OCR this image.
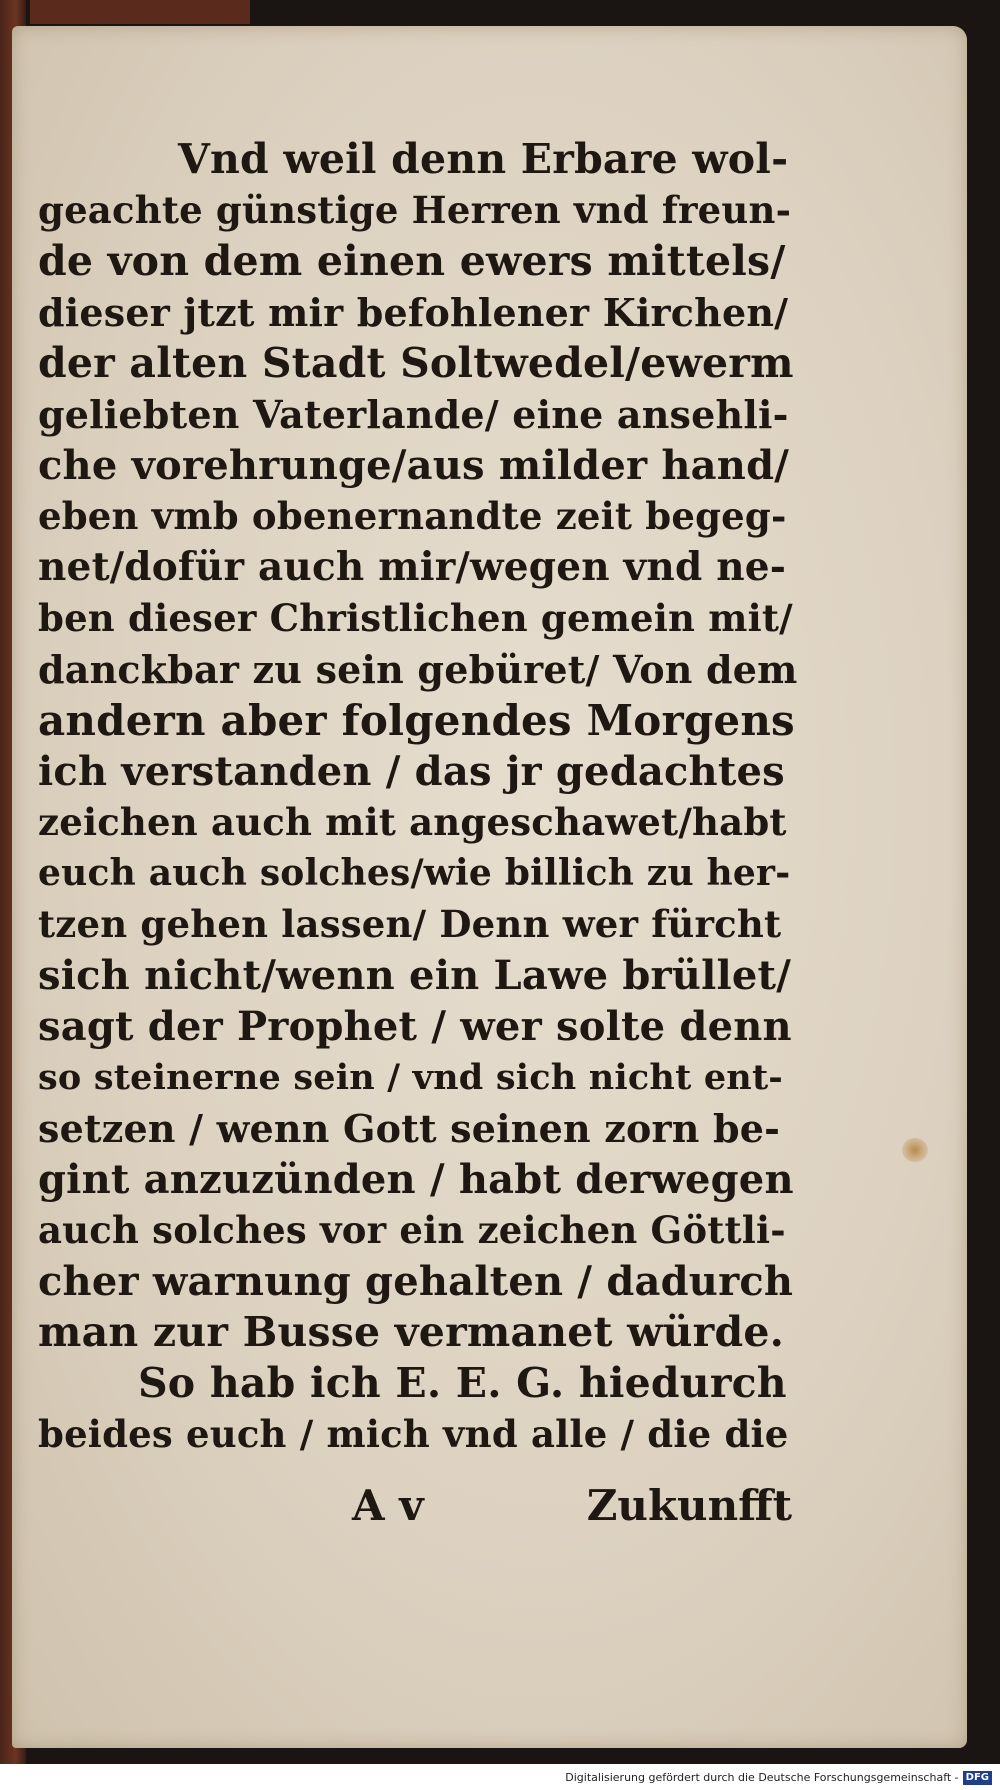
Vnd weil denn Erbare wol-
geachte günstige Herren vnd freun-
de von dem einen ewers mittels/
dieser jtzt mir befohlener Kirchen/
der alten Stadt Soltwedel/ewerm
geliebten Vaterlande/ eine ansehli-
che vorehrunge/aus milder hand/
eben vmb obenernandte zeit begeg-
net/dofür auch mir/wegen vnd ne-
ben dieser Christlichen gemein mit/
danckbar zu sein gebüret/ Von dem
andern aber folgendes Morgens
ich verstanden / das jr gedachtes
zeichen auch mit angeschawet/habt
euch auch solches/wie billich zu her-
tzen gehen lassen/ Denn wer fürcht
sich nicht/wenn ein Lawe brüllet/
sagt der Prophet / wer solte denn
so steinerne sein / vnd sich nicht ent-
setzen / wenn Gott seinen zorn be-
gint anzuzünden / habt derwegen
auch solches vor ein zeichen Göttli-
cher warnung gehalten / dadurch
man zur Busse vermanet würde.
So hab ich E. E. G. hiedurch
beides euch / mich vnd alle / die die
A v	Zukunfft
Digitalisierung gefördert durch die Deutsche Forschungsgemeinschaft - DFG
